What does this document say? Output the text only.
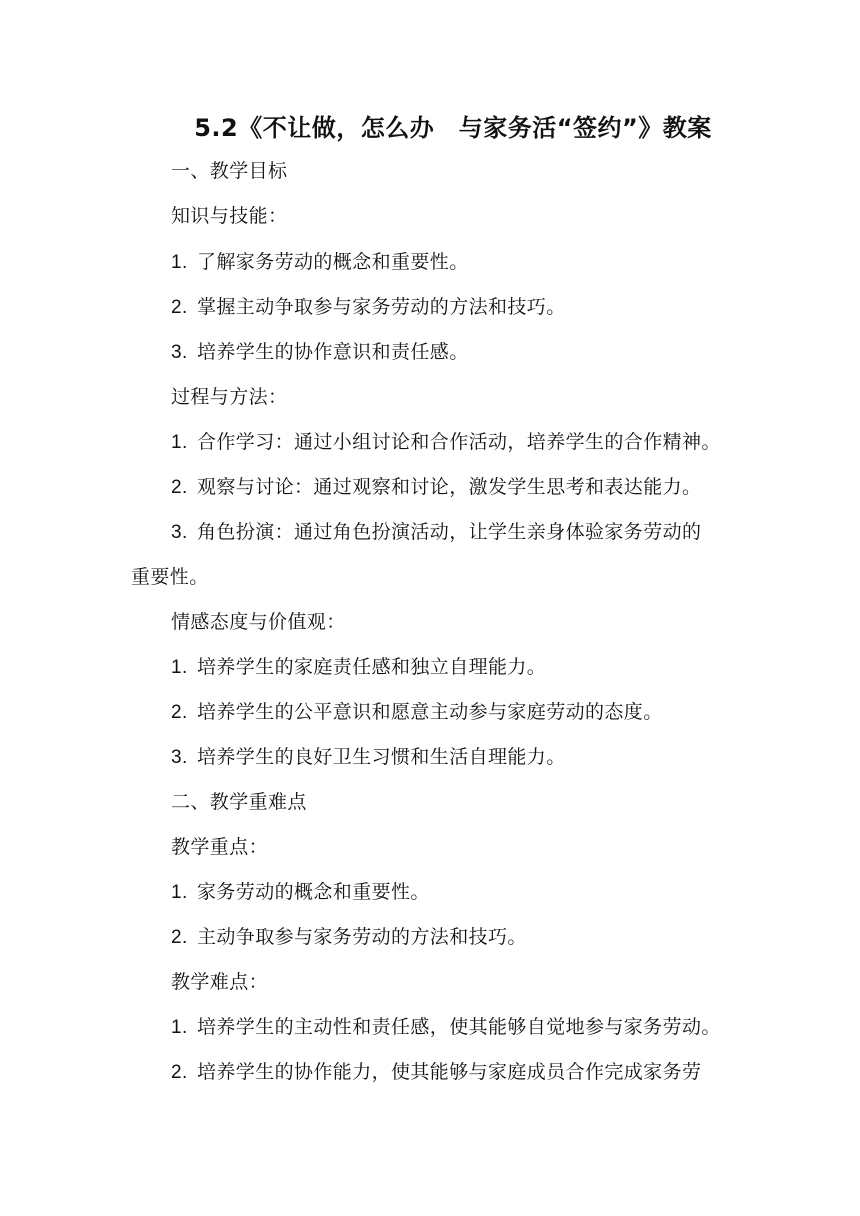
5.2《不让做，怎么办　与家务活“签约”》教案
一、教学目标
知识与技能：
1. 了解家务劳动的概念和重要性。
2. 掌握主动争取参与家务劳动的方法和技巧。
3. 培养学生的协作意识和责任感。
过程与方法：
1. 合作学习：通过小组讨论和合作活动，培养学生的合作精神。
2. 观察与讨论：通过观察和讨论，激发学生思考和表达能力。
3. 角色扮演：通过角色扮演活动，让学生亲身体验家务劳动的
重要性。
情感态度与价值观：
1. 培养学生的家庭责任感和独立自理能力。
2. 培养学生的公平意识和愿意主动参与家庭劳动的态度。
3. 培养学生的良好卫生习惯和生活自理能力。
二、教学重难点
教学重点：
1. 家务劳动的概念和重要性。
2. 主动争取参与家务劳动的方法和技巧。
教学难点：
1. 培养学生的主动性和责任感，使其能够自觉地参与家务劳动。
2. 培养学生的协作能力，使其能够与家庭成员合作完成家务劳
